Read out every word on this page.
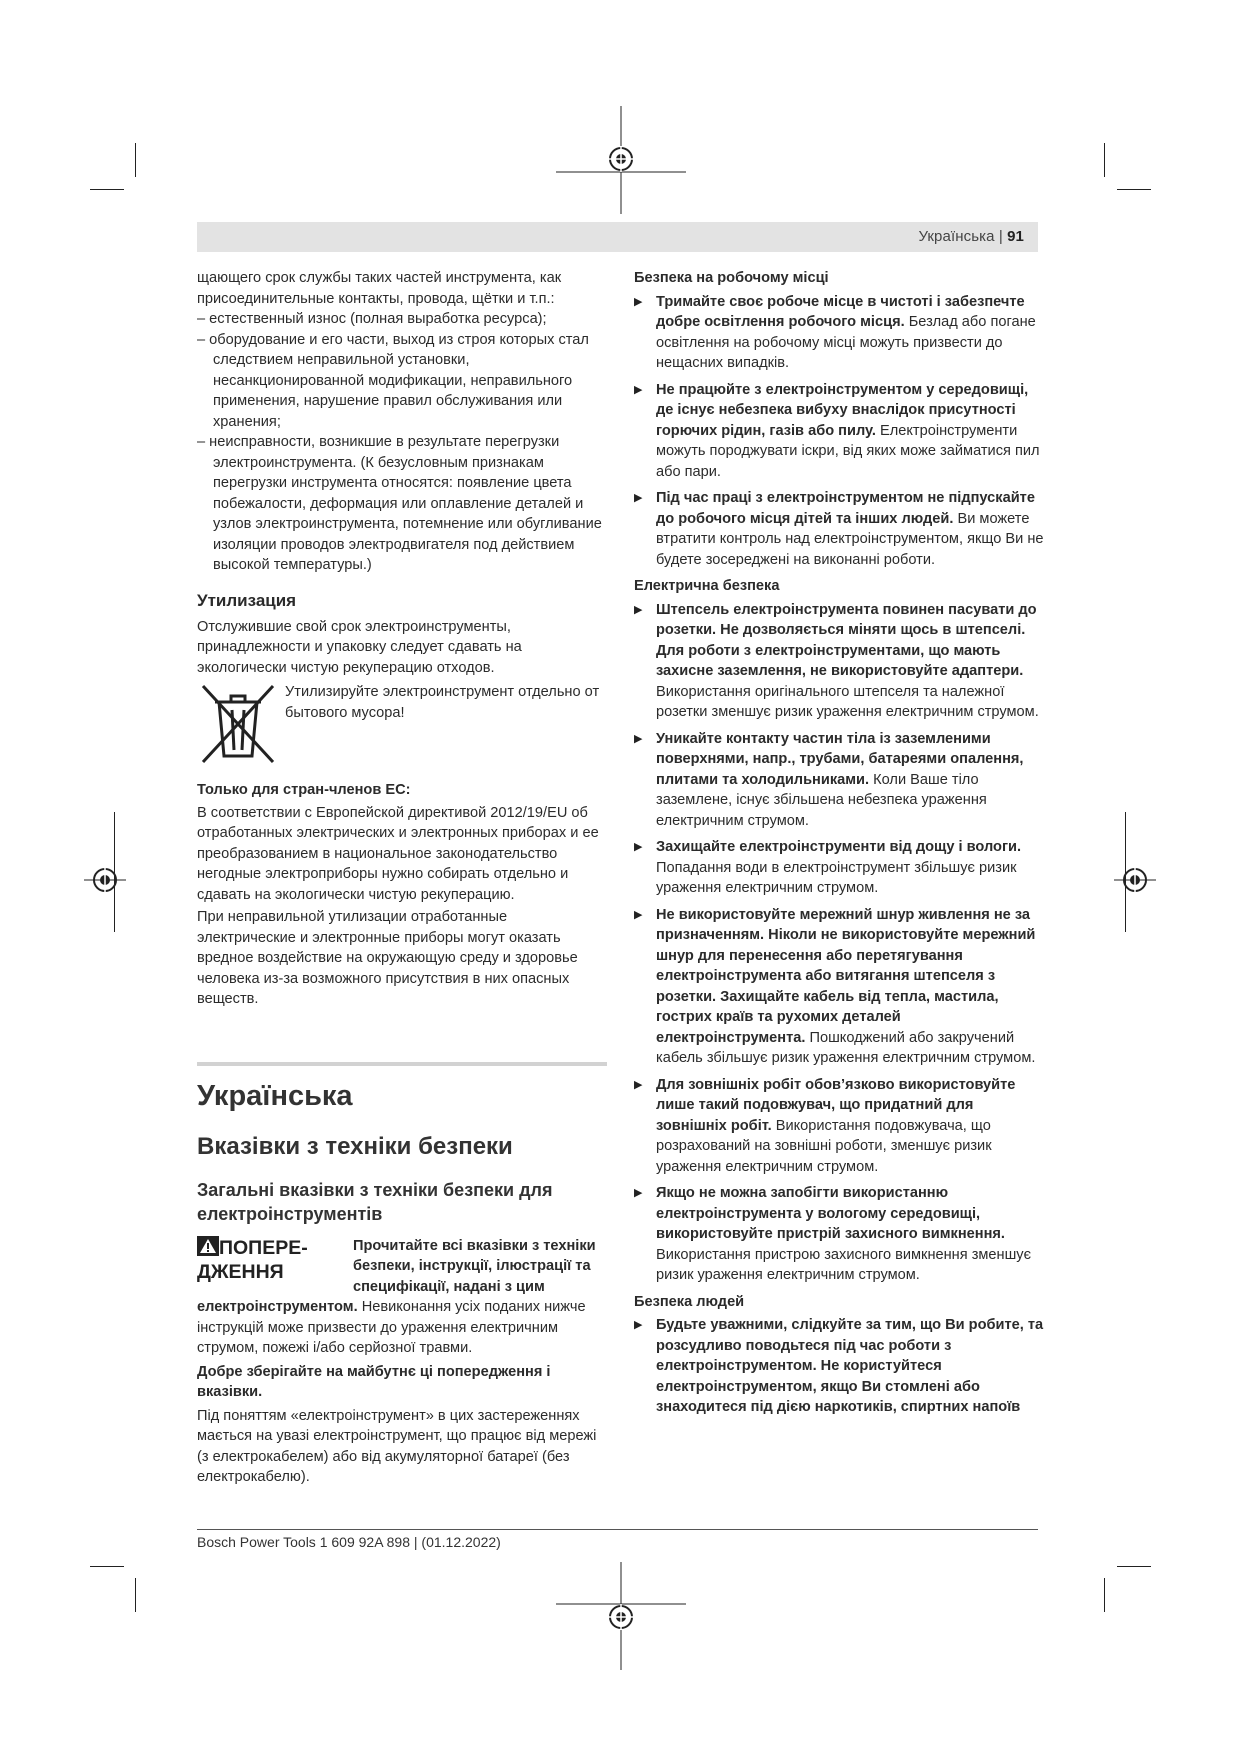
Українська | 91

щающего срок службы таких частей инструмента, как присоединительные контакты, провода, щётки и т.п.:

– естественный износ (полная выработка ресурса);

– оборудование и его части, выход из строя которых стал следствием неправильной установки, несанкционированной модификации, неправильного применения, нарушение правил обслуживания или хранения;

– неисправности, возникшие в результате перегрузки электроинструмента. (К безусловным признакам перегрузки инструмента относятся: появление цвета побежалости, деформация или оплавление деталей и узлов электроинструмента, потемнение или обугливание изоляции проводов электродвигателя под действием высокой температуры.)

Утилизация

Отслужившие свой срок электроинструменты, принадлежности и упаковку следует сдавать на экологически чистую рекуперацию отходов.

Утилизируйте электроинструмент отдельно от бытового мусора!

Только для стран-членов ЕС:

В соответствии с Европейской директивой 2012/19/EU об отработанных электрических и электронных приборах и ее преобразованием в национальное законодательство негодные электроприборы нужно собирать отдельно и сдавать на экологически чистую рекуперацию.

При неправильной утилизации отработанные электрические и электронные приборы могут оказать вредное воздействие на окружающую среду и здоровье человека из-за возможного присутствия в них опасных веществ.

Українська
Вказівки з техніки безпеки
Загальні вказівки з техніки безпеки для електроінструментів
ПОПЕРЕ-ДЖЕННЯ

Прочитайте всі вказівки з техніки безпеки, інструкції, ілюстрації та специфікації, надані з цим

електроінструментом. Невиконання усіх поданих нижче інструкцій може призвести до ураження електричним струмом, пожежі і/або серйозної травми.

Добре зберігайте на майбутнє ці попередження і вказівки.

Під поняттям «електроінструмент» в цих застереженнях мається на увазі електроінструмент, що працює від мережі (з електрокабелем) або від акумуляторної батареї (без електрокабелю).

Безпека на робочому місці
▶ Тримайте своє робоче місце в чистоті і забезпечте добре освітлення робочого місця. Безлад або погане освітлення на робочому місці можуть призвести до нещасних випадків.
▶ Не працюйте з електроінструментом у середовищі, де існує небезпека вибуху внаслідок присутності горючих рідин, газів або пилу. Електроінструменти можуть породжувати іскри, від яких може займатися пил або пари.
▶ Під час праці з електроінструментом не підпускайте до робочого місця дітей та інших людей. Ви можете втратити контроль над електроінструментом, якщо Ви не будете зосереджені на виконанні роботи.
Електрична безпека
▶ Штепсель електроінструмента повинен пасувати до розетки. Не дозволяється міняти щось в штепселі. Для роботи з електроінструментами, що мають захисне заземлення, не використовуйте адаптери. Використання оригінального штепселя та належної розетки зменшує ризик ураження електричним струмом.
▶ Уникайте контакту частин тіла із заземленими поверхнями, напр., трубами, батареями опалення, плитами та холодильниками. Коли Ваше тіло заземлене, існує збільшена небезпека ураження електричним струмом.
▶ Захищайте електроінструменти від дощу і вологи. Попадання води в електроінструмент збільшує ризик ураження електричним струмом.
▶ Не використовуйте мережний шнур живлення не за призначенням. Ніколи не використовуйте мережний шнур для перенесення або перетягування електроінструмента або витягання штепселя з розетки. Захищайте кабель від тепла, мастила, гострих країв та рухомих деталей електроінструмента. Пошкоджений або закручений кабель збільшує ризик ураження електричним струмом.
▶ Для зовнішніх робіт обов’язково використовуйте лише такий подовжувач, що придатний для зовнішніх робіт. Використання подовжувача, що розрахований на зовнішні роботи, зменшує ризик ураження електричним струмом.
▶ Якщо не можна запобігти використанню електроінструмента у вологому середовищі, використовуйте пристрій захисного вимкнення. Використання пристрою захисного вимкнення зменшує ризик ураження електричним струмом.
Безпека людей
▶ Будьте уважними, слідкуйте за тим, що Ви робите, та розсудливо поводьтеся під час роботи з електроінструментом. Не користуйтеся електроінструментом, якщо Ви стомлені або знаходитеся під дією наркотиків, спиртних напоїв
Bosch Power Tools 1 609 92A 898 | (01.12.2022)
